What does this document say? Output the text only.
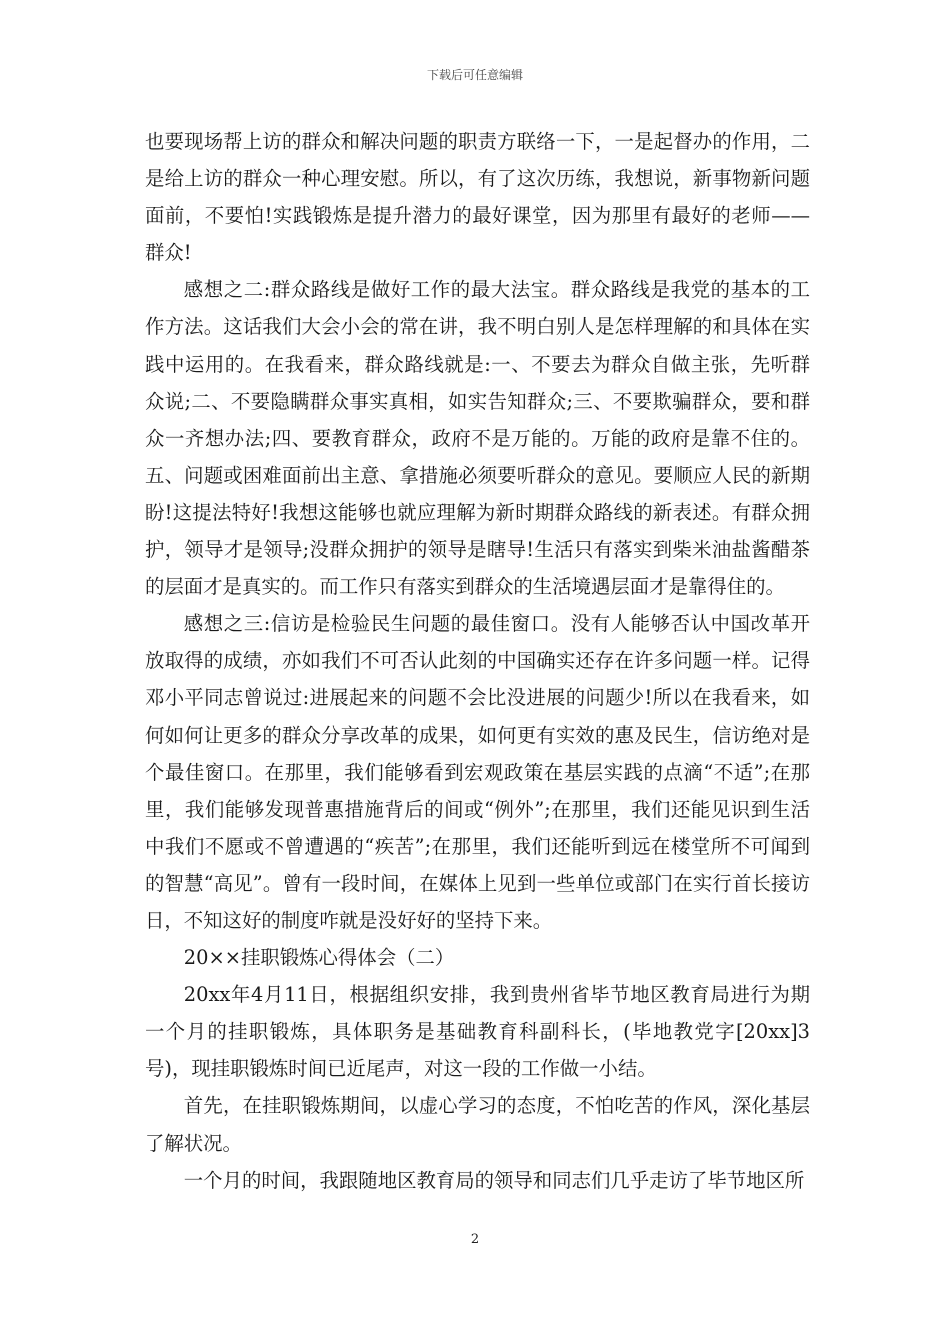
下载后可任意编辑

也要现场帮上访的群众和解决问题的职责方联络一下，一是起督办的作用，二是给上访的群众一种心理安慰。所以，有了这次历练，我想说，新事物新问题面前，不要怕!实践锻炼是提升潜力的最好课堂，因为那里有最好的老师——群众!

感想之二:群众路线是做好工作的最大法宝。群众路线是我党的基本的工作方法。这话我们大会小会的常在讲，我不明白别人是怎样理解的和具体在实践中运用的。在我看来，群众路线就是:一、不要去为群众自做主张，先听群众说;二、不要隐瞒群众事实真相，如实告知群众;三、不要欺骗群众，要和群众一齐想办法;四、要教育群众，政府不是万能的。万能的政府是靠不住的。五、问题或困难面前出主意、拿措施必须要听群众的意见。要顺应人民的新期盼!这提法特好!我想这能够也就应理解为新时期群众路线的新表述。有群众拥护，领导才是领导;没群众拥护的领导是瞎导!生活只有落实到柴米油盐酱醋茶的层面才是真实的。而工作只有落实到群众的生活境遇层面才是靠得住的。

感想之三:信访是检验民生问题的最佳窗口。没有人能够否认中国改革开放取得的成绩，亦如我们不可否认此刻的中国确实还存在许多问题一样。记得邓小平同志曾说过:进展起来的问题不会比没进展的问题少!所以在我看来，如何如何让更多的群众分享改革的成果，如何更有实效的惠及民生，信访绝对是个最佳窗口。在那里，我们能够看到宏观政策在基层实践的点滴“不适”;在那里，我们能够发现普惠措施背后的间或“例外”;在那里，我们还能见识到生活中我们不愿或不曾遭遇的“疾苦”;在那里，我们还能听到远在楼堂所不可闻到的智慧“高见”。曾有一段时间，在媒体上见到一些单位或部门在实行首长接访日，不知这好的制度咋就是没好好的坚持下来。

20××挂职锻炼心得体会（二）

20xx年4月11日，根据组织安排，我到贵州省毕节地区教育局进行为期一个月的挂职锻炼，具体职务是基础教育科副科长，(毕地教党字[20xx]3号)，现挂职锻炼时间已近尾声，对这一段的工作做一小结。

首先，在挂职锻炼期间，以虚心学习的态度，不怕吃苦的作风，深化基层了解状况。

一个月的时间，我跟随地区教育局的领导和同志们几乎走访了毕节地区所

2
